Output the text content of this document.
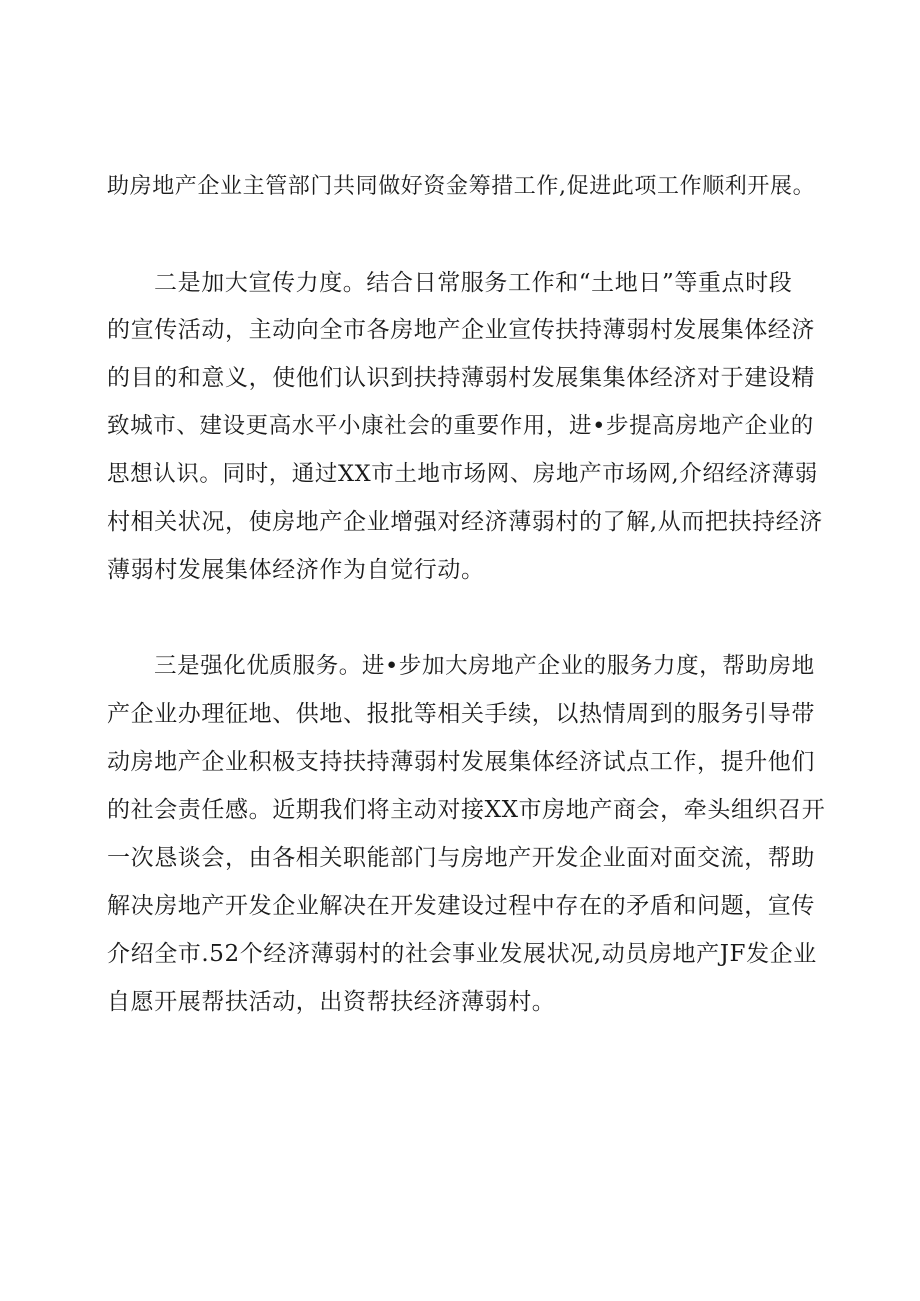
助房地产企业主管部门共同做好资金筹措工作,促进此项工作顺利开展。
二是加大宣传力度。结合日常服务工作和“土地日”等重点时段
的宣传活动，主动向全市各房地产企业宣传扶持薄弱村发展集体经济
的目的和意义，使他们认识到扶持薄弱村发展集集体经济对于建设精
致城市、建设更高水平小康社会的重要作用，进•步提高房地产企业的
思想认识。同时，通过XX市土地市场网、房地产市场网,介绍经济薄弱
村相关状况，使房地产企业增强对经济薄弱村的了解,从而把扶持经济
薄弱村发展集体经济作为自觉行动。
三是强化优质服务。进•步加大房地产企业的服务力度，帮助房地
产企业办理征地、供地、报批等相关手续，以热情周到的服务引导带
动房地产企业积极支持扶持薄弱村发展集体经济试点工作，提升他们
的社会责任感。近期我们将主动对接XX市房地产商会，牵头组织召开
一次恳谈会，由各相关职能部门与房地产开发企业面对面交流，帮助
解决房地产开发企业解决在开发建设过程中存在的矛盾和问题，宣传
介绍全市.52个经济薄弱村的社会事业发展状况,动员房地产JF发企业
自愿开展帮扶活动，出资帮扶经济薄弱村。
